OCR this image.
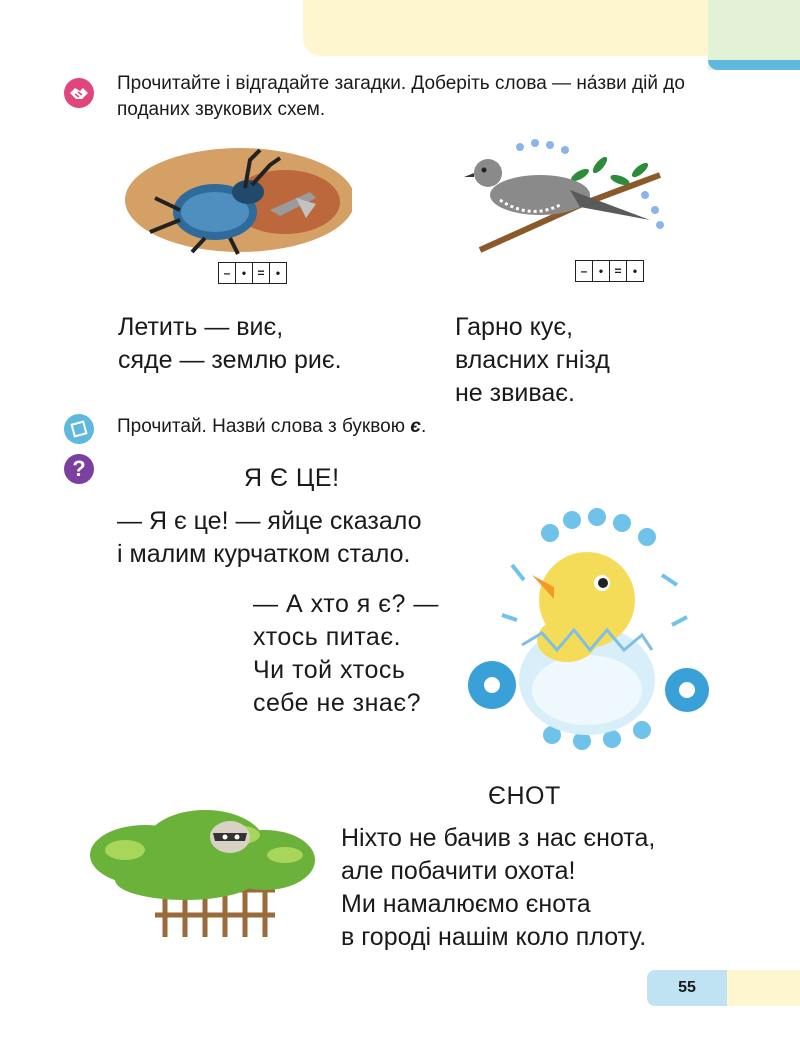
Прочитайте і відгадайте загадки. Доберіть слова — на́зви дій до поданих звукових схем.
– • = •
Летить — виє,
сяде — землю риє.
– • = •
Гарно кує,
власних гнізд
не звиває.
Прочитай. Назви́ слова з буквою є.
?	Я Є ЦЕ!
— Я є це! — яйце сказало
і малим курчатком стало.
— А хто я є? —
хтось питає.
Чи той хтось
себе не знає?
ЄНОТ
Ніхто не бачив з нас єнота,
але побачити охота!
Ми намалюємо єнота
в городі нашім коло плоту.
55
